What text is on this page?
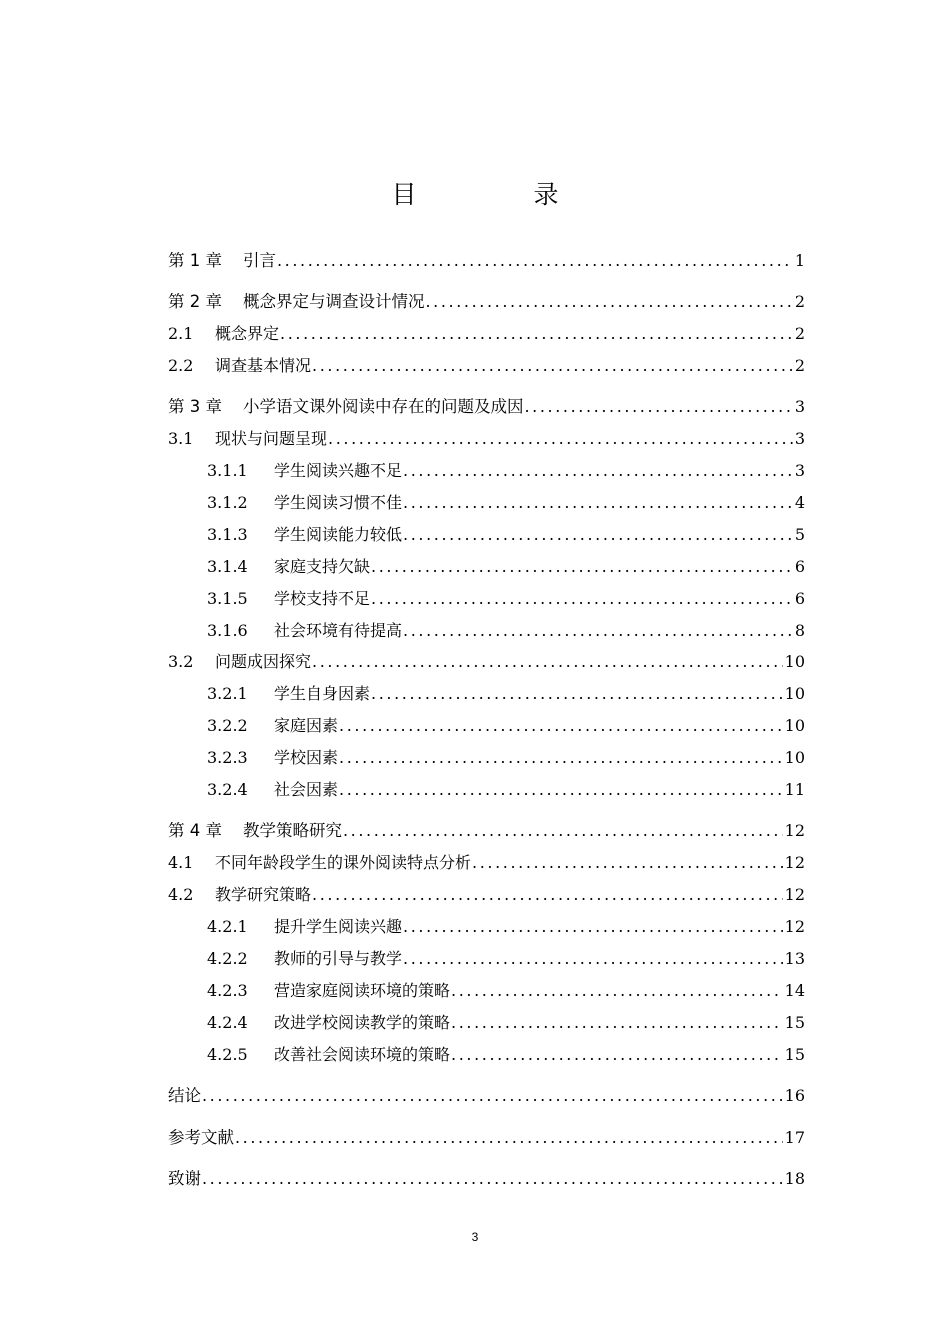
目　录
第 1 章 引言 .....	1
第 2 章 概念界定与调查设计情况 .....	2
2.1 概念界定 .....	2
2.2 调查基本情况 .....	2
第 3 章 小学语文课外阅读中存在的问题及成因 .....	3
3.1 现状与问题呈现 .....	3
3.1.1 学生阅读兴趣不足 .....	3
3.1.2 学生阅读习惯不佳 .....	4
3.1.3 学生阅读能力较低 .....	5
3.1.4 家庭支持欠缺 .....	6
3.1.5 学校支持不足 .....	6
3.1.6 社会环境有待提高 .....	8
3.2 问题成因探究 .....	10
3.2.1 学生自身因素 .....	10
3.2.2 家庭因素 .....	10
3.2.3 学校因素 .....	10
3.2.4 社会因素 .....	11
第 4 章 教学策略研究 .....	12
4.1 不同年龄段学生的课外阅读特点分析 .....	12
4.2 教学研究策略 .....	12
4.2.1 提升学生阅读兴趣 .....	12
4.2.2 教师的引导与教学 .....	13
4.2.3 营造家庭阅读环境的策略 .....	14
4.2.4 改进学校阅读教学的策略 .....	15
4.2.5 改善社会阅读环境的策略 .....	15
结论 .....	16
参考文献 .....	17
致谢 .....	18
3
